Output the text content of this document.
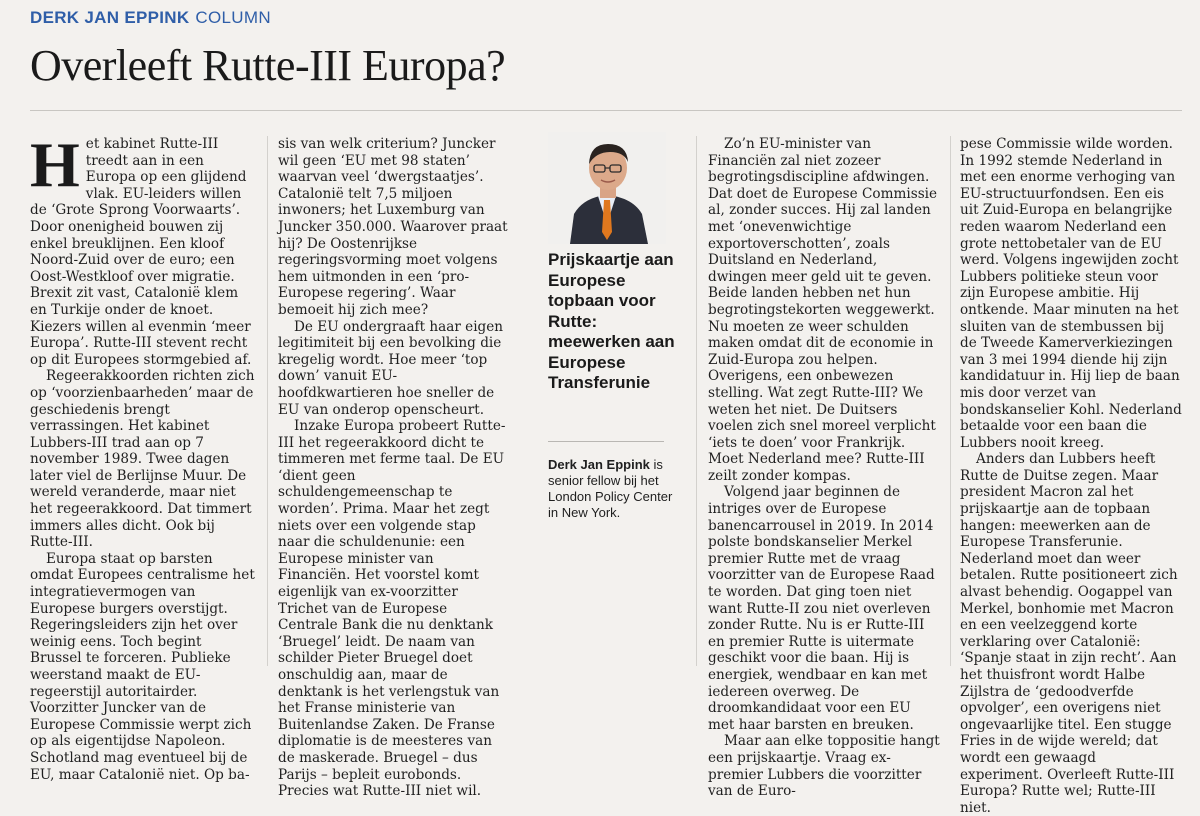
DERK JAN EPPINK COLUMN
Overleeft Rutte-III Europa?

Het kabinet Rutte-III treedt aan in een Europa op een glijdend vlak. EU-leiders willen de ‘Grote Sprong Voorwaarts’. Door onenigheid bouwen zij enkel breuklijnen. Een kloof Noord-Zuid over de euro; een Oost-Westkloof over migratie. Brexit zit vast, Catalonië klem en Turkije onder de knoet. Kiezers willen al evenmin ‘meer Europa’. Rutte-III stevent recht op dit Europees stormgebied af.

Regeerakkoorden richten zich op ‘voorzienbaarheden’ maar de geschiedenis brengt verrassingen. Het kabinet Lubbers-III trad aan op 7 november 1989. Twee dagen later viel de Berlijnse Muur. De wereld veranderde, maar niet het regeerakkoord. Dat timmert immers alles dicht. Ook bij Rutte-III.

Europa staat op barsten omdat Europees centralisme het integratievermogen van Europese burgers overstijgt. Regeringsleiders zijn het over weinig eens. Toch begint Brussel te forceren. Publieke weerstand maakt de EU-regeerstijl autoritairder. Voorzitter Juncker van de Europese Commissie werpt zich op als eigentijdse Napoleon. Schotland mag eventueel bij de EU, maar Catalonië niet. Op ba-

sis van welk criterium? Juncker wil geen ‘EU met 98 staten’ waarvan veel ‘dwergstaatjes’. Catalonië telt 7,5 miljoen inwoners; het Luxemburg van Juncker 350.000. Waarover praat hij? De Oostenrijkse regeringsvorming moet volgens hem uitmonden in een ‘pro-Europese regering’. Waar bemoeit hij zich mee?

De EU ondergraaft haar eigen legitimiteit bij een bevolking die kregelig wordt. Hoe meer ‘top down’ vanuit EU-hoofdkwartieren hoe sneller de EU van onderop openscheurt.

Inzake Europa probeert Rutte-III het regeerakkoord dicht te timmeren met ferme taal. De EU ‘dient geen schuldengemeenschap te worden’. Prima. Maar het zegt niets over een volgende stap naar die schuldenunie: een Europese minister van Financiën. Het voorstel komt eigenlijk van ex-voorzitter Trichet van de Europese Centrale Bank die nu denktank ‘Bruegel’ leidt. De naam van schilder Pieter Bruegel doet onschuldig aan, maar de denktank is het verlengstuk van het Franse ministerie van Buitenlandse Zaken. De Franse diplomatie is de meesteres van de maskerade. Bruegel – dus Parijs – bepleit eurobonds. Precies wat Rutte-III niet wil.

Prijskaartje aan Europese topbaan voor Rutte: meewerken aan Europese Transferunie
Derk Jan Eppink is senior fellow bij het London Policy Center in New York.

Zo’n EU-minister van Financiën zal niet zozeer begrotingsdiscipline afdwingen. Dat doet de Europese Commissie al, zonder succes. Hij zal landen met ‘onevenwichtige exportoverschotten’, zoals Duitsland en Nederland, dwingen meer geld uit te geven. Beide landen hebben net hun begrotingstekorten weggewerkt. Nu moeten ze weer schulden maken omdat dit de economie in Zuid-Europa zou helpen. Overigens, een onbewezen stelling. Wat zegt Rutte-III? We weten het niet. De Duitsers voelen zich snel moreel verplicht ‘iets te doen’ voor Frankrijk. Moet Nederland mee? Rutte-III zeilt zonder kompas.

Volgend jaar beginnen de intriges over de Europese banencarrousel in 2019. In 2014 polste bondskanselier Merkel premier Rutte met de vraag voorzitter van de Europese Raad te worden. Dat ging toen niet want Rutte-II zou niet overleven zonder Rutte. Nu is er Rutte-III en premier Rutte is uitermate geschikt voor die baan. Hij is energiek, wendbaar en kan met iedereen overweg. De droomkandidaat voor een EU met haar barsten en breuken.

Maar aan elke toppositie hangt een prijskaartje. Vraag ex-premier Lubbers die voorzitter van de Euro-

pese Commissie wilde worden. In 1992 stemde Nederland in met een enorme verhoging van EU-structuurfondsen. Een eis uit Zuid-Europa en belangrijke reden waarom Nederland een grote nettobetaler van de EU werd. Volgens ingewijden zocht Lubbers politieke steun voor zijn Europese ambitie. Hij ontkende. Maar minuten na het sluiten van de stembussen bij de Tweede Kamerverkiezingen van 3 mei 1994 diende hij zijn kandidatuur in. Hij liep de baan mis door verzet van bondskanselier Kohl. Nederland betaalde voor een baan die Lubbers nooit kreeg.

Anders dan Lubbers heeft Rutte de Duitse zegen. Maar president Macron zal het prijskaartje aan de topbaan hangen: meewerken aan de Europese Transferunie. Nederland moet dan weer betalen. Rutte positioneert zich alvast behendig. Oogappel van Merkel, bonhomie met Macron en een veelzeggend korte verklaring over Catalonië: ‘Spanje staat in zijn recht’. Aan het thuisfront wordt Halbe Zijlstra de ‘gedoodverfde opvolger’, een overigens niet ongevaarlijke titel. Een stugge Fries in de wijde wereld; dat wordt een gewaagd experiment. Overleeft Rutte-III Europa? Rutte wel; Rutte-III niet.
